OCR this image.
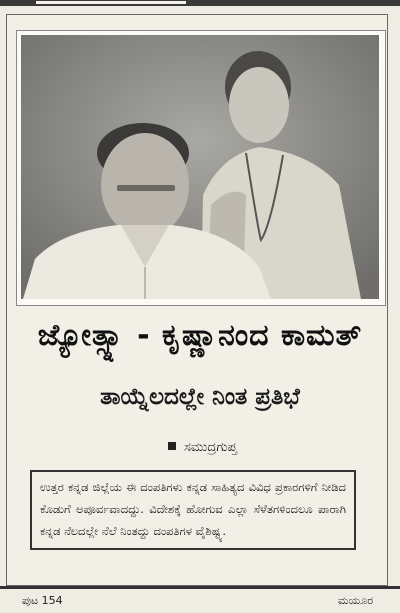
ಜ್ಯೋತ್ಸ್ನಾ - ಕೃಷ್ಣಾನಂದ ಕಾಮತ್
ತಾಯ್ನೆಲದಲ್ಲೇ ನಿಂತ ಪ್ರತಿಭೆ
ಸಮುದ್ರಗುಪ್ತ
ಉತ್ತರ ಕನ್ನಡ ಜಿಲ್ಲೆಯ ಈ ದಂಪತಿಗಳು ಕನ್ನಡ ಸಾಹಿತ್ಯದ ವಿವಿಧ ಪ್ರಕಾರಗಳಿಗೆ ನೀಡಿದ ಕೊಡುಗೆ ಅಪೂರ್ವವಾದದ್ದು. ವಿದೇಶಕ್ಕೆ ಹೋಗುವ ಎಲ್ಲಾ ಸೆಳೆತಗಳಿಂದಲೂ ಪಾರಾಗಿ ಕನ್ನಡ ನೆಲದಲ್ಲೇ ನೆಲೆ ನಿಂತದ್ದು ದಂಪತಿಗಳ ವೈಶಿಷ್ಟ್ಯ.
ಪುಟ 154	ಮಯೂರ
